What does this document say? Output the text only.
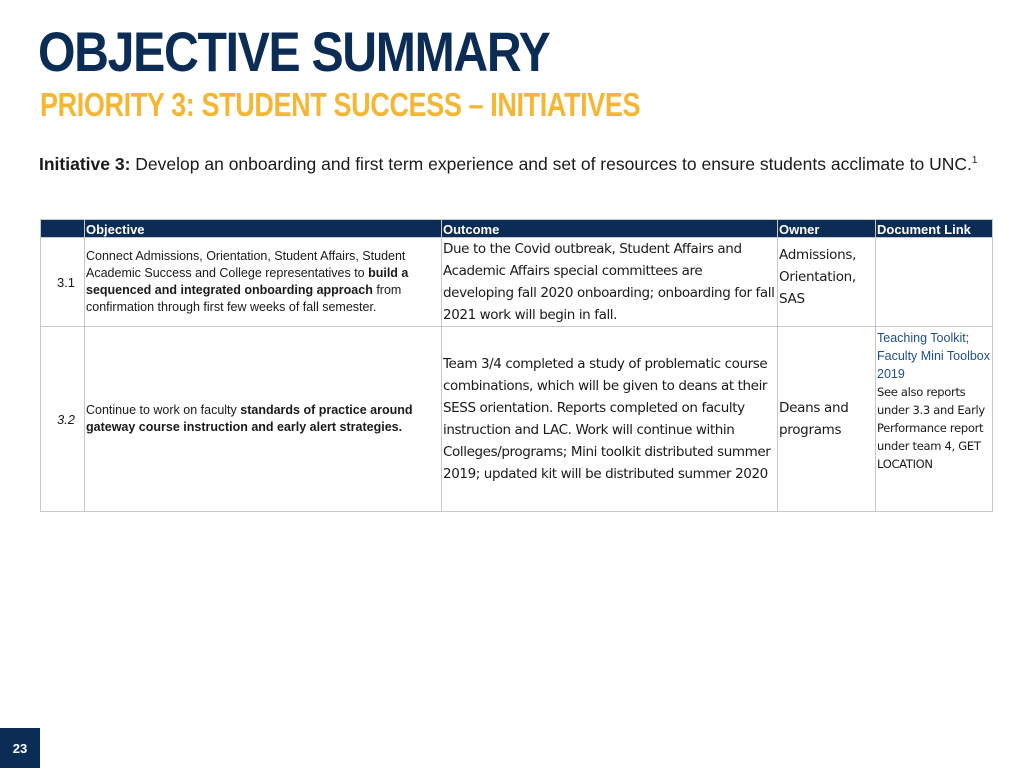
OBJECTIVE SUMMARY
PRIORITY 3: STUDENT SUCCESS – INITIATIVES
Initiative 3: Develop an onboarding and first term experience and set of resources to ensure students acclimate to UNC.$^1$
	Objective	Outcome	Owner	Document Link
3.1	Connect Admissions, Orientation, Student Affairs, Student Academic Success and College representatives to build a sequenced and integrated onboarding approach from confirmation through first few weeks of fall semester.	Due to the Covid outbreak, Student Affairs and Academic Affairs special committees are developing fall 2020 onboarding; onboarding for fall 2021 work will begin in fall.	Admissions, Orientation, SAS	
3.2	Continue to work on faculty standards of practice around gateway course instruction and early alert strategies.	Team 3/4 completed a study of problematic course combinations, which will be given to deans at their SESS orientation. Reports completed on faculty instruction and LAC. Work will continue within Colleges/programs; Mini toolkit distributed summer 2019; updated kit will be distributed summer 2020	Deans and programs	Teaching Toolkit; Faculty Mini Toolbox 2019
See also reports under 3.3 and Early Performance report under team 4, GET LOCATION
23
